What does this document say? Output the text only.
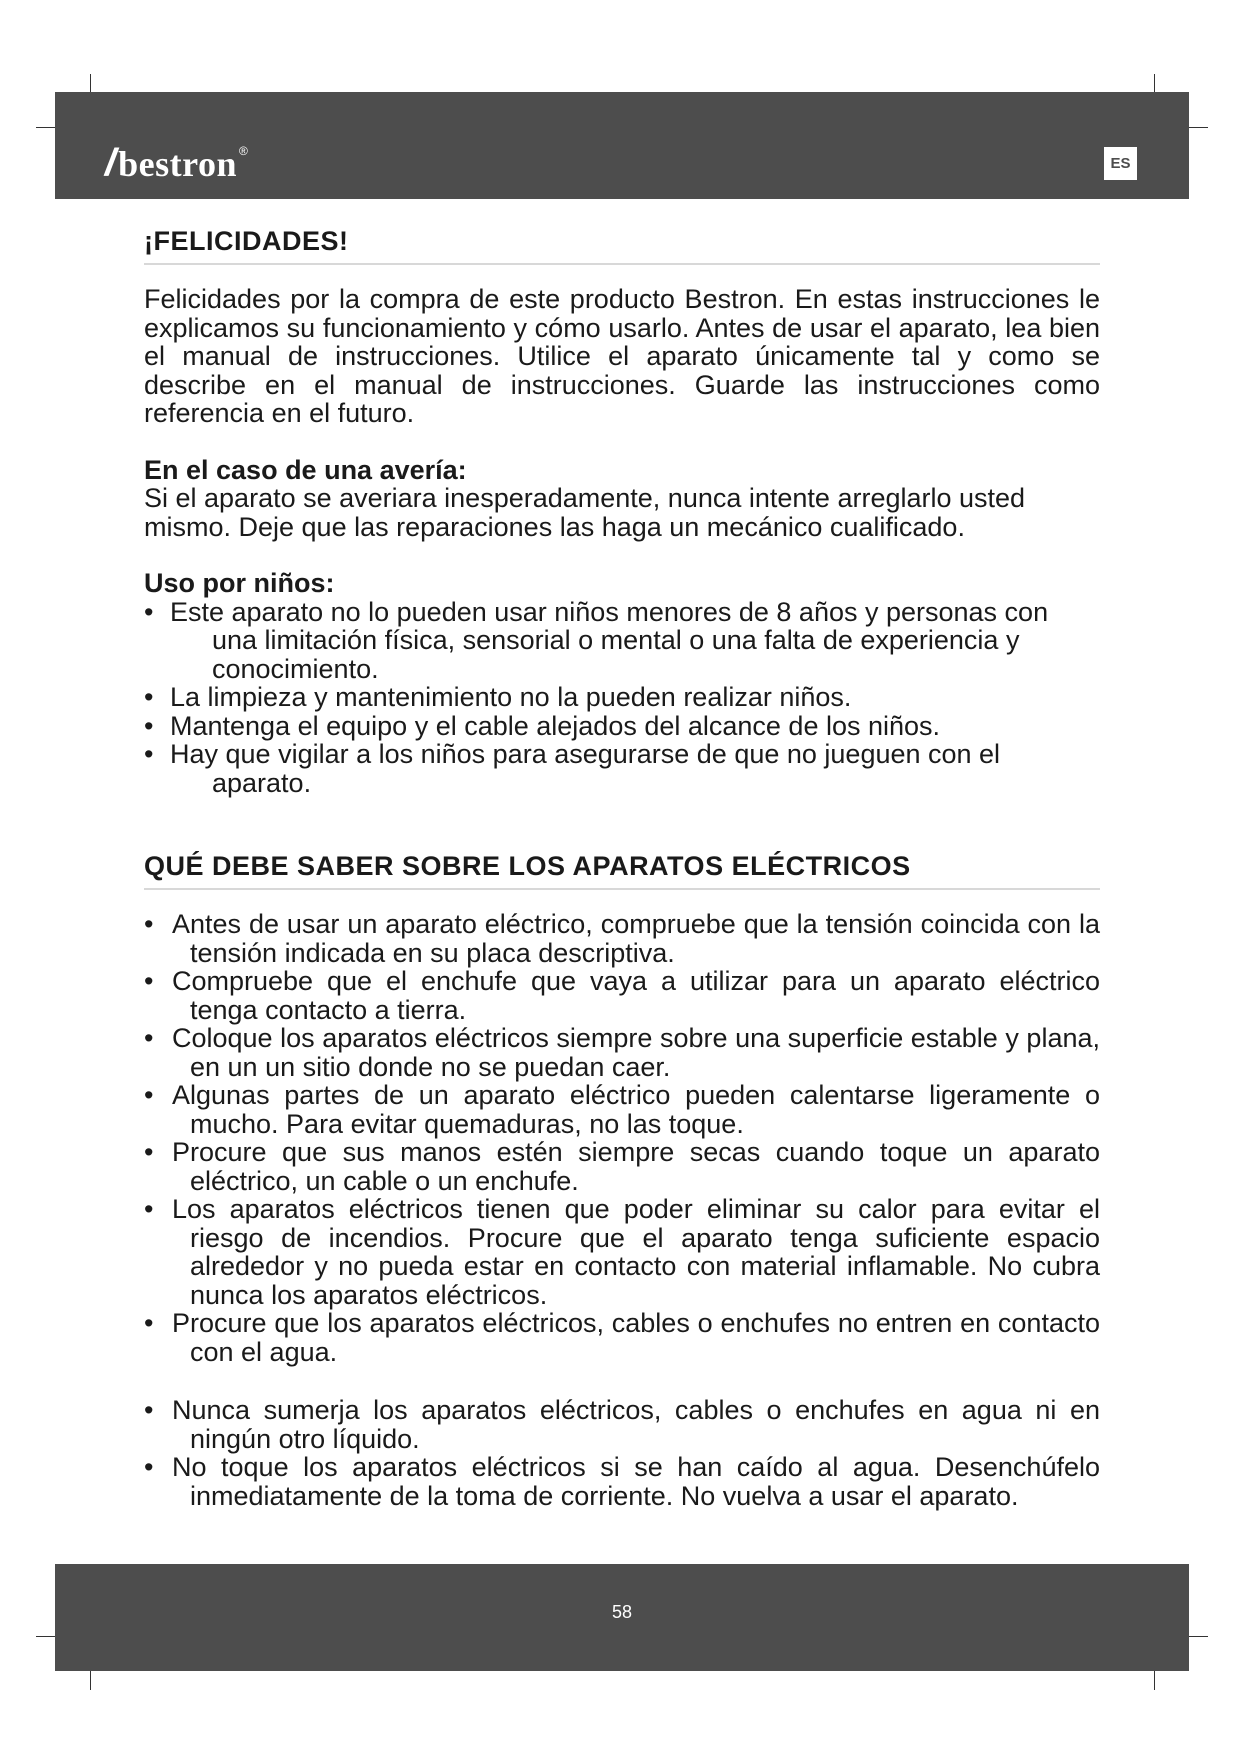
// bestron ®
ES
¡FELICIDADES!

Felicidades por la compra de este producto Bestron. En estas instrucciones le explicamos su funcionamiento y cómo usarlo. Antes de usar el aparato, lea bien el manual de instrucciones. Utilice el aparato únicamente tal y como se describe en el manual de instrucciones. Guarde las instrucciones como referencia en el futuro.

En el caso de una avería:

Si el aparato se averiara inesperadamente, nunca intente arreglarlo usted mismo. Deje que las reparaciones las haga un mecánico cualificado.

Uso por niños:

• Este aparato no lo pueden usar niños menores de 8 años y personas con una limitación física, sensorial o mental o una falta de experiencia y conocimiento.
• La limpieza y mantenimiento no la pueden realizar niños.
• Mantenga el equipo y el cable alejados del alcance de los niños.
• Hay que vigilar a los niños para asegurarse de que no jueguen con el aparato.
QUÉ DEBE SABER SOBRE LOS APARATOS ELÉCTRICOS
• Antes de usar un aparato eléctrico, compruebe que la tensión coincida con la tensión indicada en su placa descriptiva.
• Compruebe que el enchufe que vaya a utilizar para un aparato eléctrico tenga contacto a tierra.
• Coloque los aparatos eléctricos siempre sobre una superficie estable y plana, en un un sitio donde no se puedan caer.
• Algunas partes de un aparato eléctrico pueden calentarse ligeramente o mucho. Para evitar quemaduras, no las toque.
• Procure que sus manos estén siempre secas cuando toque un aparato eléctrico, un cable o un enchufe.
• Los aparatos eléctricos tienen que poder eliminar su calor para evitar el riesgo de incendios. Procure que el aparato tenga suficiente espacio alrededor y no pueda estar en contacto con material inflamable. No cubra nunca los aparatos eléctricos.
• Procure que los aparatos eléctricos, cables o enchufes no entren en contacto con el agua.
• Nunca sumerja los aparatos eléctricos, cables o enchufes en agua ni en ningún otro líquido.
• No toque los aparatos eléctricos si se han caído al agua. Desenchúfelo inmediatamente de la toma de corriente. No vuelva a usar el aparato.
58
